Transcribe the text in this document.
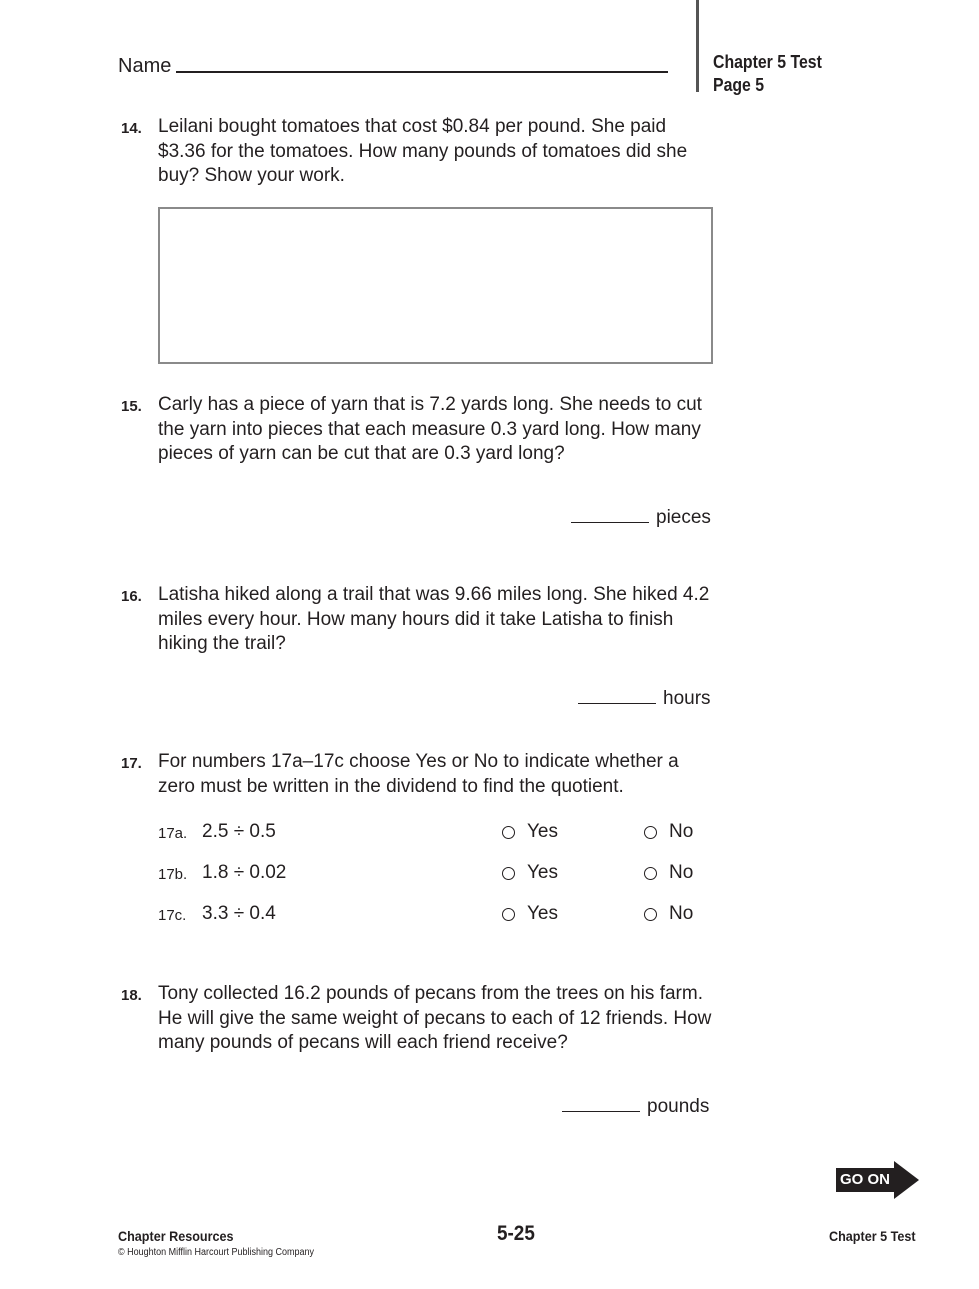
Name	Chapter 5 Test
Page 5
14. Leilani bought tomatoes that cost $0.84 per pound. She paid $3.36 for the tomatoes. How many pounds of tomatoes did she buy? Show your work.
15. Carly has a piece of yarn that is 7.2 yards long. She needs to cut the yarn into pieces that each measure 0.3 yard long. How many pieces of yarn can be cut that are 0.3 yard long?
pieces
16. Latisha hiked along a trail that was 9.66 miles long. She hiked 4.2 miles every hour. How many hours did it take Latisha to finish hiking the trail?
hours
17. For numbers 17a–17c choose Yes or No to indicate whether a zero must be written in the dividend to find the quotient.
17a. 2.5 ÷ 0.5	Yes	No
17b. 1.8 ÷ 0.02	Yes	No
17c. 3.3 ÷ 0.4	Yes	No
18. Tony collected 16.2 pounds of pecans from the trees on his farm. He will give the same weight of pecans to each of 12 friends. How many pounds of pecans will each friend receive?
pounds
GO ON
Chapter Resources
© Houghton Mifflin Harcourt Publishing Company
5-25	Chapter 5 Test
